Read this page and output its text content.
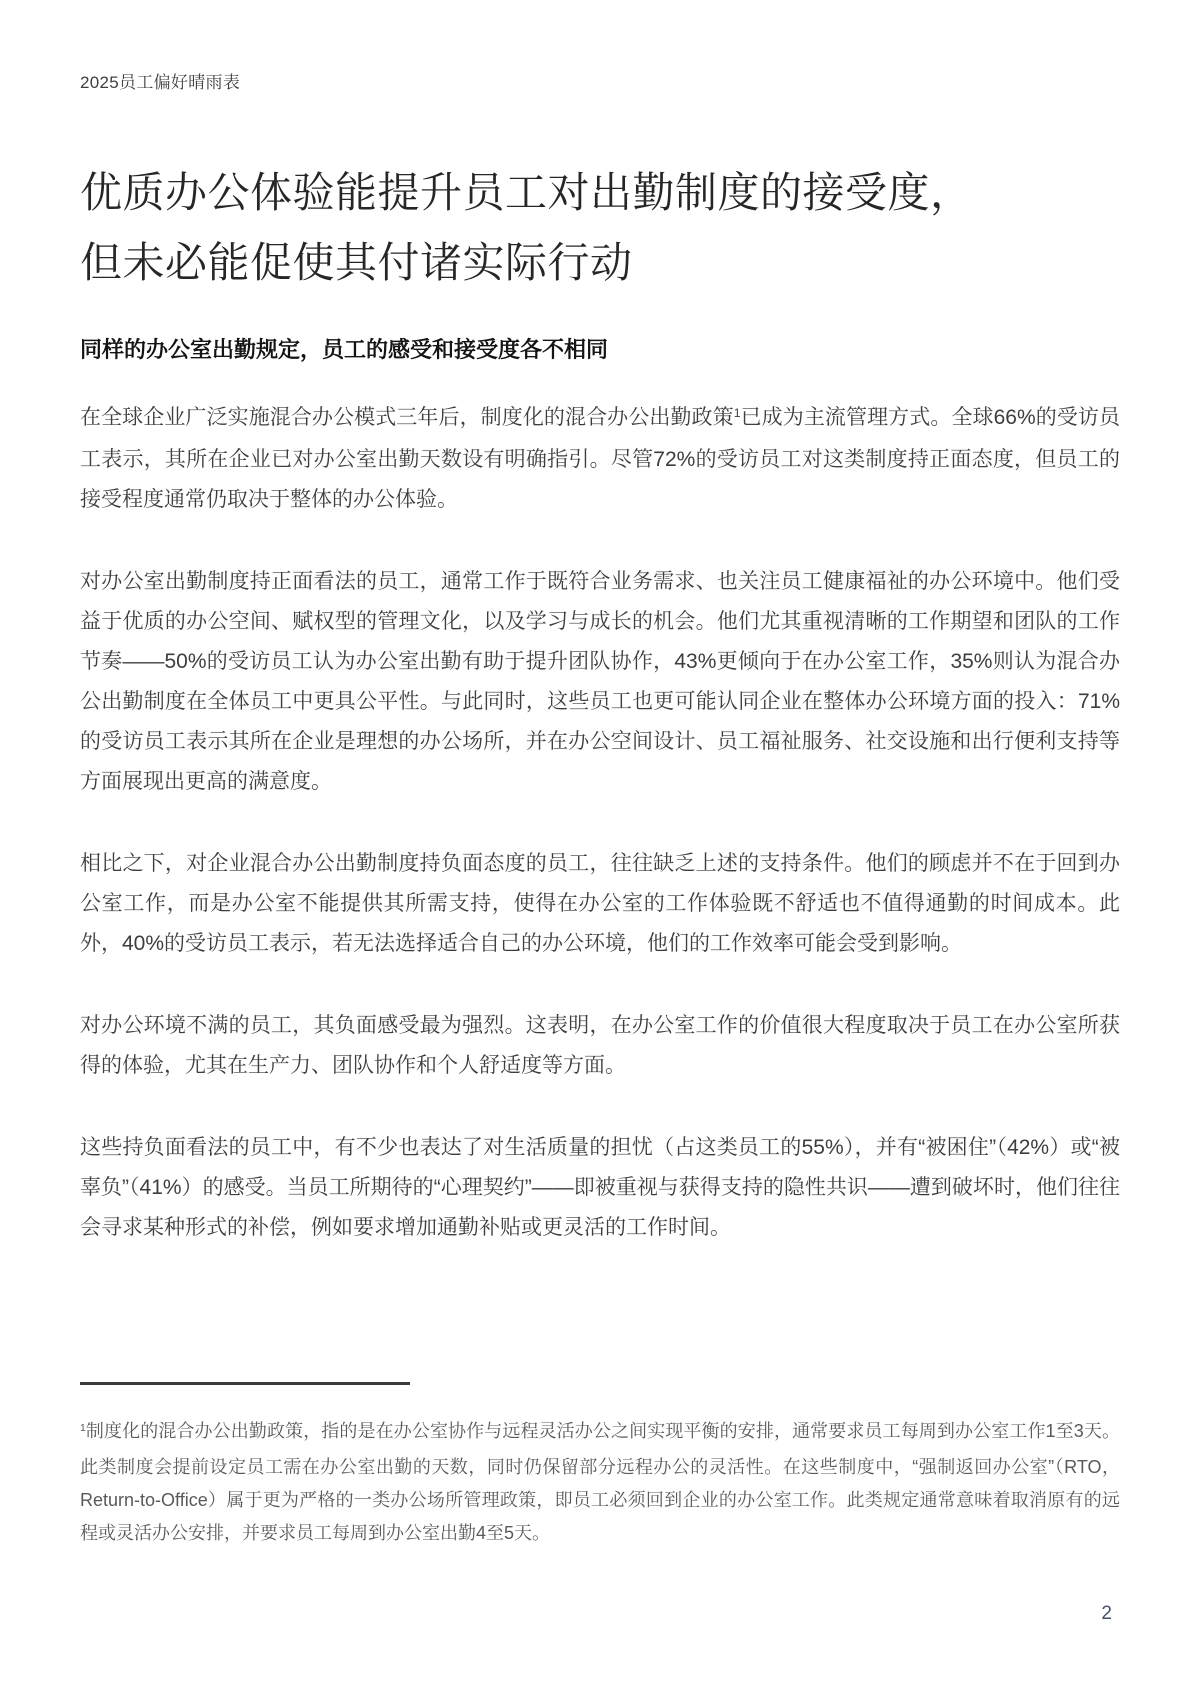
2025员工偏好晴雨表
优质办公体验能提升员工对出勤制度的接受度，
但未必能促使其付诸实际行动
同样的办公室出勤规定，员工的感受和接受度各不相同

在全球企业广泛实施混合办公模式三年后，制度化的混合办公出勤政策$^1$已成为主流管理方式。全球66%的受访员工表示，其所在企业已对办公室出勤天数设有明确指引。尽管72%的受访员工对这类制度持正面态度，但员工的接受程度通常仍取决于整体的办公体验。

对办公室出勤制度持正面看法的员工，通常工作于既符合业务需求、也关注员工健康福祉的办公环境中。他们受益于优质的办公空间、赋权型的管理文化，以及学习与成长的机会。他们尤其重视清晰的工作期望和团队的工作节奏——50%的受访员工认为办公室出勤有助于提升团队协作，43%更倾向于在办公室工作，35%则认为混合办公出勤制度在全体员工中更具公平性。与此同时，这些员工也更可能认同企业在整体办公环境方面的投入：71%的受访员工表示其所在企业是理想的办公场所，并在办公空间设计、员工福祉服务、社交设施和出行便利支持等方面展现出更高的满意度。

相比之下，对企业混合办公出勤制度持负面态度的员工，往往缺乏上述的支持条件。他们的顾虑并不在于回到办公室工作，而是办公室不能提供其所需支持，使得在办公室的工作体验既不舒适也不值得通勤的时间成本。此外，40%的受访员工表示，若无法选择适合自己的办公环境，他们的工作效率可能会受到影响。

对办公环境不满的员工，其负面感受最为强烈。这表明，在办公室工作的价值很大程度取决于员工在办公室所获得的体验，尤其在生产力、团队协作和个人舒适度等方面。

这些持负面看法的员工中，有不少也表达了对生活质量的担忧（占这类员工的55%），并有“被困住”（42%）或“被辜负”（41%）的感受。当员工所期待的“心理契约”——即被重视与获得支持的隐性共识——遭到破坏时，他们往往会寻求某种形式的补偿，例如要求增加通勤补贴或更灵活的工作时间。

$^1$制度化的混合办公出勤政策，指的是在办公室协作与远程灵活办公之间实现平衡的安排，通常要求员工每周到办公室工作1至3天。此类制度会提前设定员工需在办公室出勤的天数，同时仍保留部分远程办公的灵活性。在这些制度中，“强制返回办公室”（RTO，Return-to-Office）属于更为严格的一类办公场所管理政策，即员工必须回到企业的办公室工作。此类规定通常意味着取消原有的远程或灵活办公安排，并要求员工每周到办公室出勤4至5天。

2
